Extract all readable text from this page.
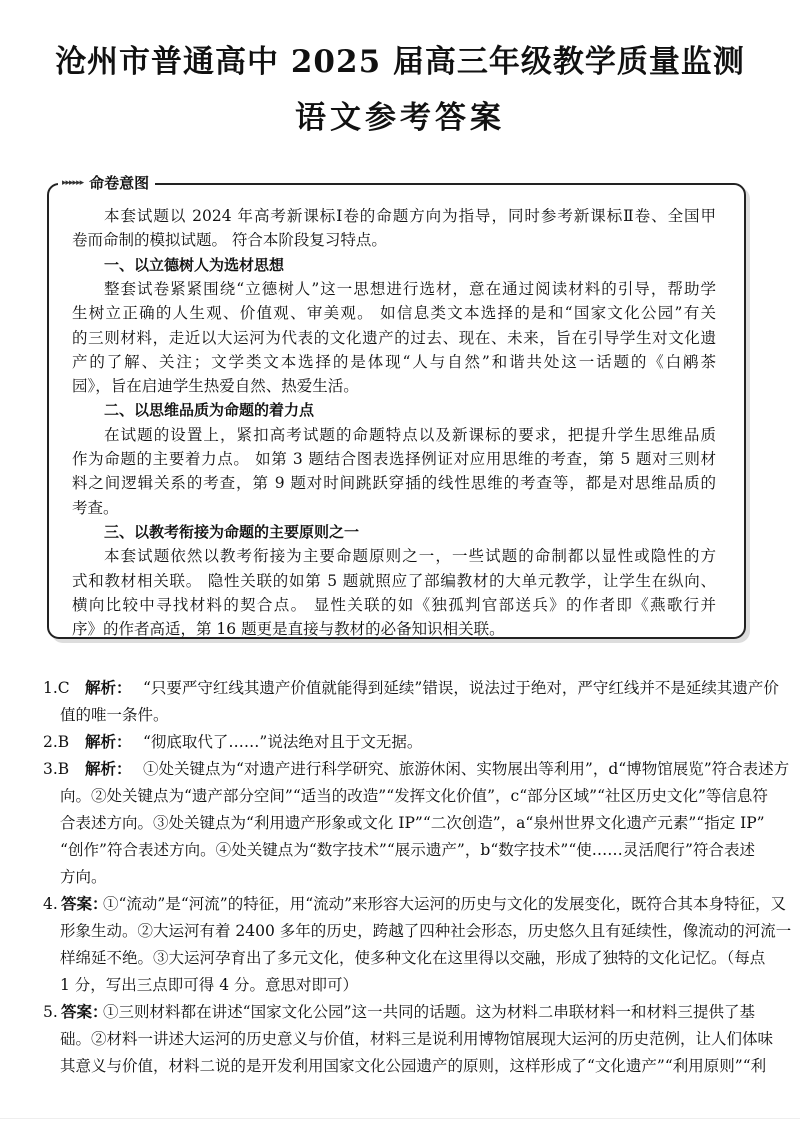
沧州市普通高中 2025 届高三年级教学质量监测
语文参考答案
▸▸▸▸▸▸ 命卷意图
本套试题以 2024 年高考新课标Ⅰ卷的命题方向为指导，同时参考新课标Ⅱ卷、全国甲
卷而命制的模拟试题。 符合本阶段复习特点。
一、以立德树人为选材思想
整套试卷紧紧围绕“立德树人”这一思想进行选材，意在通过阅读材料的引导，帮助学
生树立正确的人生观、价值观、审美观。 如信息类文本选择的是和“国家文化公园”有关
的三则材料，走近以大运河为代表的文化遗产的过去、现在、未来，旨在引导学生对文化遗
产的了解、关注；文学类文本选择的是体现“人与自然”和谐共处这一话题的《白鹇茶
园》，旨在启迪学生热爱自然、热爱生活。
二、以思维品质为命题的着力点
在试题的设置上，紧扣高考试题的命题特点以及新课标的要求，把提升学生思维品质
作为命题的主要着力点。 如第 3 题结合图表选择例证对应用思维的考查，第 5 题对三则材
料之间逻辑关系的考查，第 9 题对时间跳跃穿插的线性思维的考查等，都是对思维品质的
考查。
三、以教考衔接为命题的主要原则之一
本套试题依然以教考衔接为主要命题原则之一，一些试题的命制都以显性或隐性的方
式和教材相关联。 隐性关联的如第 5 题就照应了部编教材的大单元教学，让学生在纵向、
横向比较中寻找材料的契合点。 显性关联的如《独孤判官部送兵》的作者即《燕歌行并
序》的作者高适，第 16 题更是直接与教材的必备知识相关联。
1.C 解析： “只要严守红线其遗产价值就能得到延续”错误，说法过于绝对，严守红线并不是延续其遗产价
值的唯一条件。
2.B 解析： “彻底取代了……”说法绝对且于文无据。
3.B 解析： ①处关键点为“对遗产进行科学研究、旅游休闲、实物展出等利用”，d“博物馆展览”符合表述方
向。②处关键点为“遗产部分空间”“适当的改造”“发挥文化价值”，c“部分区域”“社区历史文化”等信息符
合表述方向。③处关键点为“利用遗产形象或文化 IP”“二次创造”，a“泉州世界文化遗产元素”“指定 IP”
“创作”符合表述方向。④处关键点为“数字技术”“展示遗产”，b“数字技术”“使……灵活爬行”符合表述
方向。
4. 答案：
①“流动”是“河流”的特征，用“流动”来形容大运河的历史与文化的发展变化，既符合其本身特征，又
形象生动。②大运河有着 2400 多年的历史，跨越了四种社会形态，历史悠久且有延续性，像流动的河流一
样绵延不绝。③大运河孕育出了多元文化，使多种文化在这里得以交融，形成了独特的文化记忆。（每点
1 分，写出三点即可得 4 分。意思对即可）
5. 答案：
①三则材料都在讲述“国家文化公园”这一共同的话题。这为材料二串联材料一和材料三提供了基
础。②材料一讲述大运河的历史意义与价值，材料三是说利用博物馆展现大运河的历史范例，让人们体味
其意义与价值，材料二说的是开发利用国家文化公园遗产的原则，这样形成了“文化遗产”“利用原则”“利
